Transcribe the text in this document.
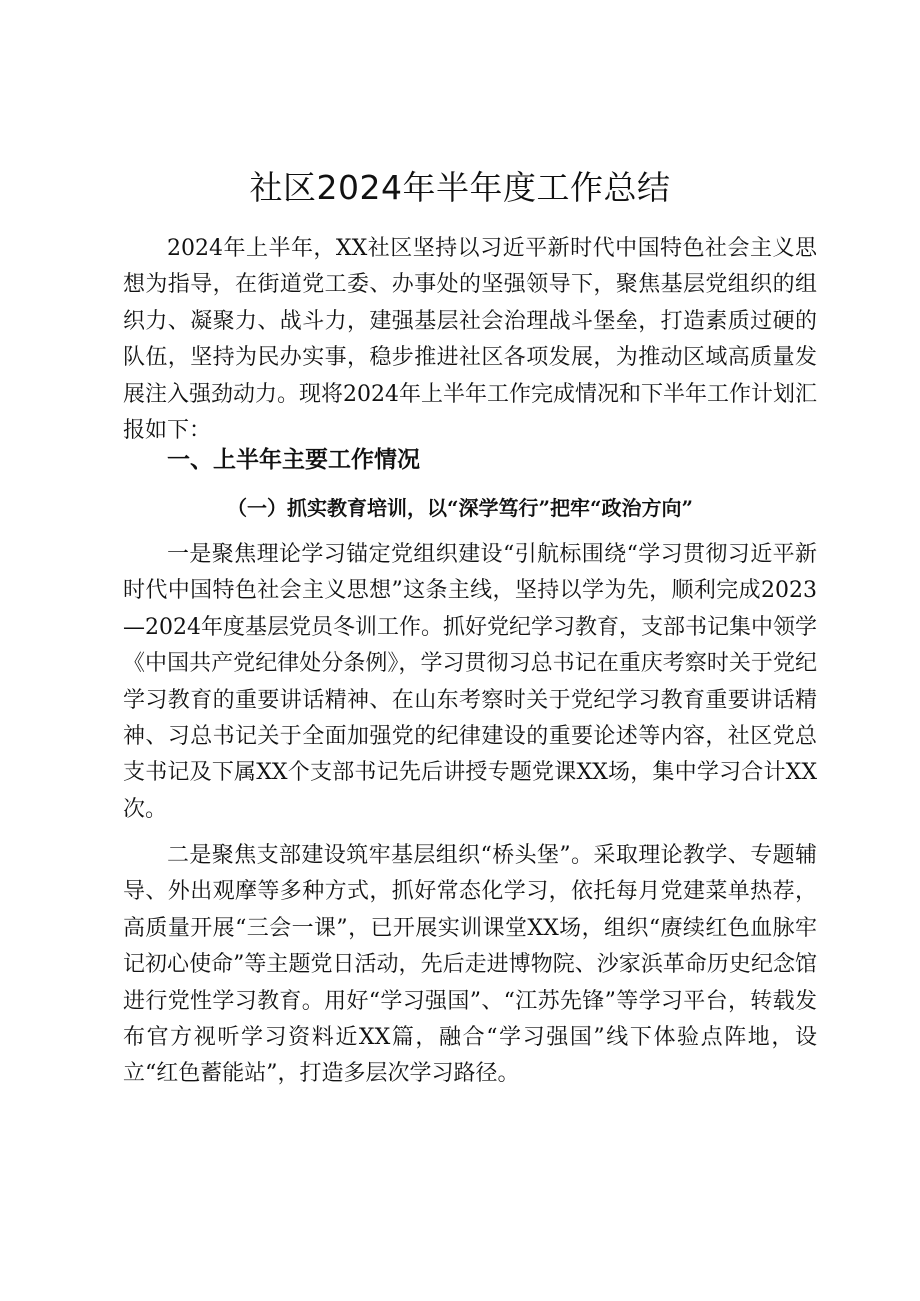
社区2024年半年度工作总结

2024年上半年，XX社区坚持以习近平新时代中国特色社会主义思想为指导，在街道党工委、办事处的坚强领导下，聚焦基层党组织的组织力、凝聚力、战斗力，建强基层社会治理战斗堡垒，打造素质过硬的队伍，坚持为民办实事，稳步推进社区各项发展，为推动区域高质量发展注入强劲动力。现将2024年上半年工作完成情况和下半年工作计划汇报如下：

一、上半年主要工作情况
（一）抓实教育培训，以“深学笃行”把牢“政治方向”

一是聚焦理论学习锚定党组织建设“引航标围绕“学习贯彻习近平新时代中国特色社会主义思想”这条主线，坚持以学为先，顺利完成2023—2024年度基层党员冬训工作。抓好党纪学习教育，支部书记集中领学《中国共产党纪律处分条例》，学习贯彻习总书记在重庆考察时关于党纪学习教育的重要讲话精神、在山东考察时关于党纪学习教育重要讲话精神、习总书记关于全面加强党的纪律建设的重要论述等内容，社区党总支书记及下属XX个支部书记先后讲授专题党课XX场，集中学习合计XX次。

二是聚焦支部建设筑牢基层组织“桥头堡”。采取理论教学、专题辅导、外出观摩等多种方式，抓好常态化学习，依托每月党建菜单热荐，高质量开展“三会一课”，已开展实训课堂XX场，组织“赓续红色血脉牢记初心使命”等主题党日活动，先后走进博物院、沙家浜革命历史纪念馆进行党性学习教育。用好“学习强国”、“江苏先锋”等学习平台，转载发布官方视听学习资料近XX篇，融合“学习强国”线下体验点阵地，设立“红色蓄能站”，打造多层次学习路径。
